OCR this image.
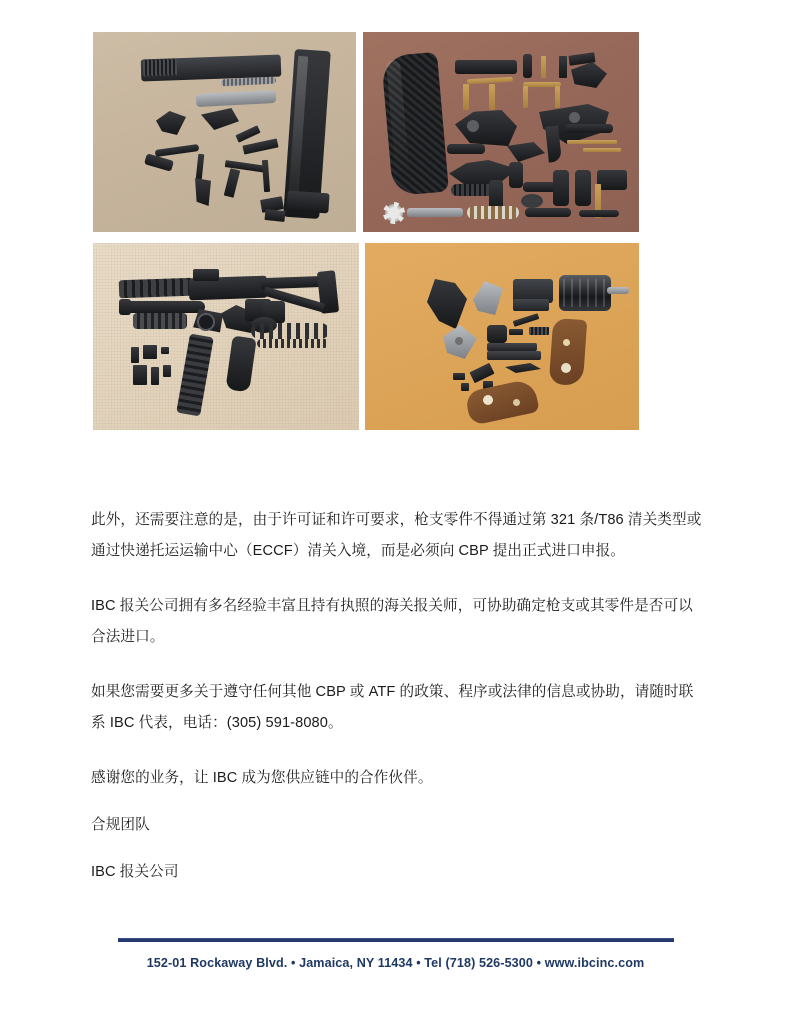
此外，还需要注意的是，由于许可证和许可要求，枪支零件不得通过第 321 条/T86 清关类型或通过快递托运运输中心（ECCF）清关入境，而是必须向 CBP 提出正式进口申报。

IBC 报关公司拥有多名经验丰富且持有执照的海关报关师，可协助确定枪支或其零件是否可以合法进口。

如果您需要更多关于遵守任何其他 CBP 或 ATF 的政策、程序或法律的信息或协助，请随时联系 IBC 代表，电话：(305) 591-8080。

感谢您的业务，让 IBC 成为您供应链中的合作伙伴。

合规团队

IBC 报关公司

152-01 Rockaway Blvd. • Jamaica, NY 11434 • Tel (718) 526-5300 • www.ibcinc.com
